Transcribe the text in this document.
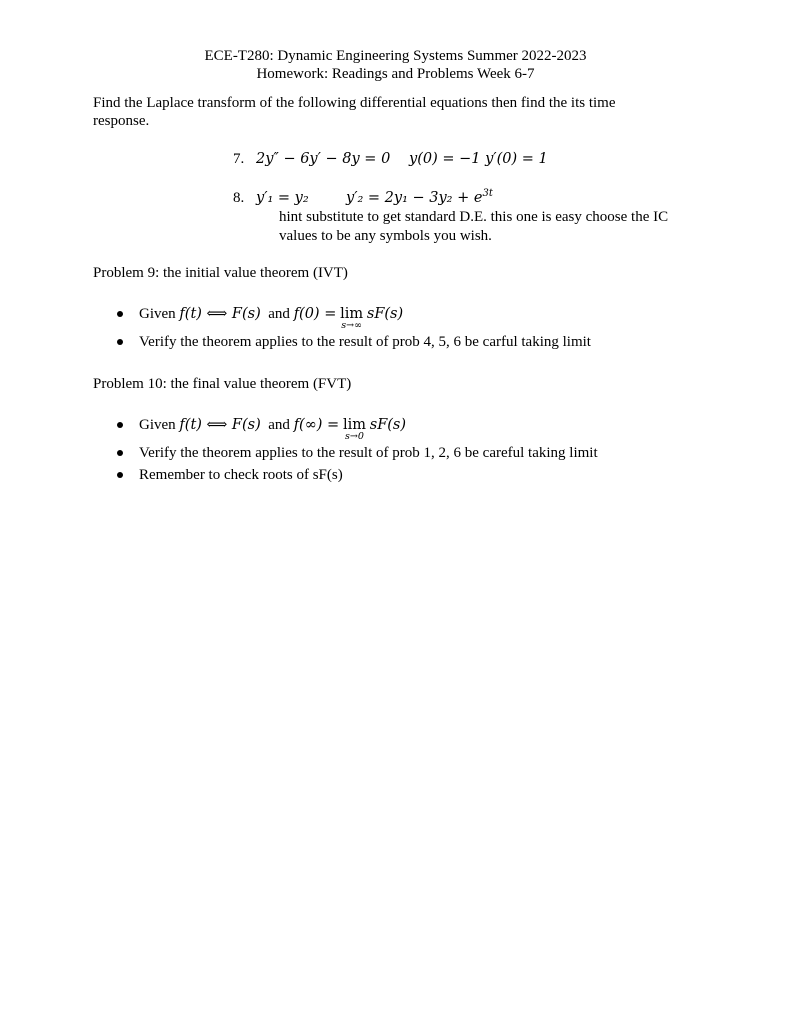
ECE-T280: Dynamic Engineering Systems Summer 2022-2023
Homework: Readings and Problems Week 6-7
Find the Laplace transform of the following differential equations then find the its time response.
7. 2y″ − 6y′ − 8y = 0 y(0) = −1 y′(0) = 1
8. y′₁ = y₂	$y'_2 = 2y_1 - 3y_2 + e^{3t}$
hint substitute to get standard D.E. this one is easy choose the IC
values to be any symbols you wish.
Problem 9: the initial value theorem (IVT)
Given f(t) ⟺ F(s) and f(0) = lim
s→∞
sF(s)
Verify the theorem applies to the result of prob 4, 5, 6 be carful taking limit
Problem 10: the final value theorem (FVT)
Given f(t) ⟺ F(s) and f(∞) = lim
s→0
sF(s)
Verify the theorem applies to the result of prob 1, 2, 6 be careful taking limit
Remember to check roots of sF(s)
